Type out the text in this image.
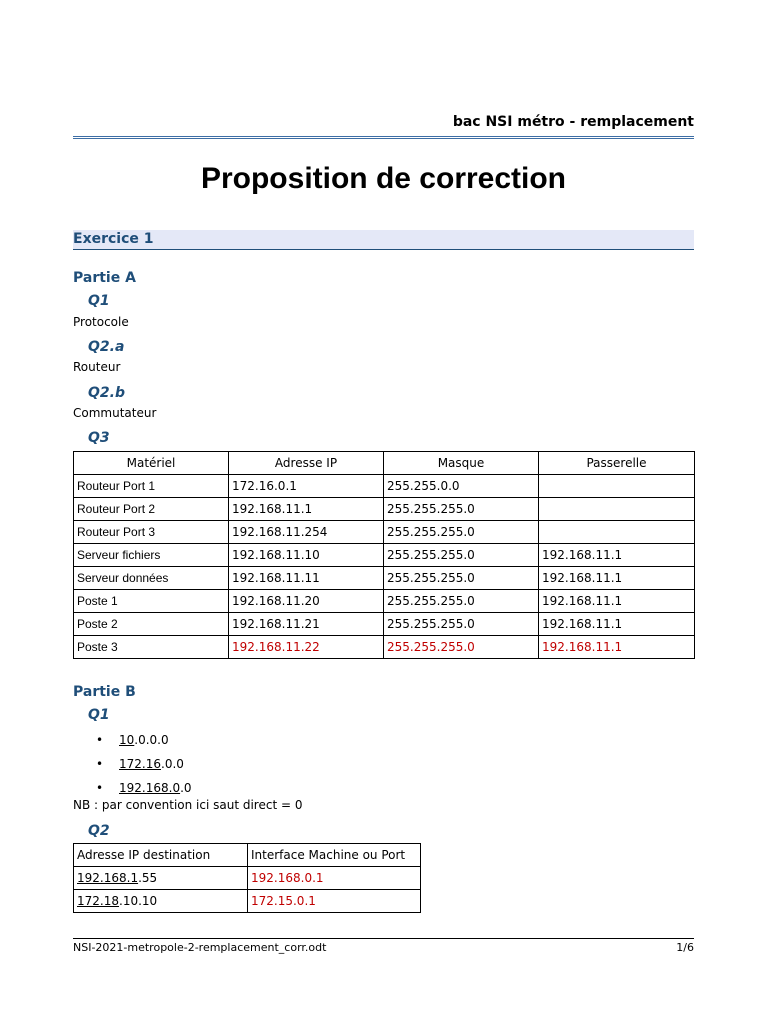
bac NSI métro - remplacement
Proposition de correction
Exercice 1
Partie A
Q1
Protocole
Q2.a
Routeur
Q2.b
Commutateur
Q3
Matériel	Adresse IP	Masque	Passerelle
Routeur Port 1	172.16.0.1	255.255.0.0	
Routeur Port 2	192.168.11.1	255.255.255.0	
Routeur Port 3	192.168.11.254	255.255.255.0	
Serveur fichiers	192.168.11.10	255.255.255.0	192.168.11.1
Serveur données	192.168.11.11	255.255.255.0	192.168.11.1
Poste 1	192.168.11.20	255.255.255.0	192.168.11.1
Poste 2	192.168.11.21	255.255.255.0	192.168.11.1
Poste 3	192.168.11.22	255.255.255.0	192.168.11.1
Partie B
Q1
•	10 .0.0.0
•	172.16 .0.0
•	192.168.0 .0
NB : par convention ici saut direct = 0
Q2
Adresse IP destination	Interface Machine ou Port
192.168.1.55	192.168.0.1
172.18.10.10	172.15.0.1
NSI-2021-metropole-2-remplacement_corr.odt	1/6
